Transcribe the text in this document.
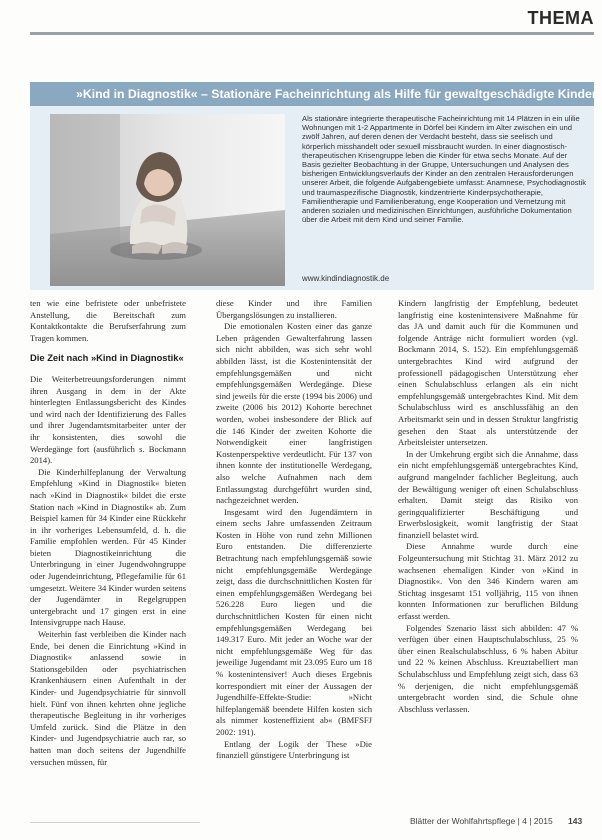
THEMA
»Kind in Diagnostik« – Stationäre Facheinrichtung als Hilfe für gewaltgeschädigte Kinder
Als stationäre integrierte therapeutische Facheinrichtung mit 14 Plätzen in ein ulilie Wohnungen mit 1-2 Appartmente in Dörfel bei Kindern im Alter zwischen ein und zwölf Jahren, auf deren denen der Verdacht besteht, dass sie seelisch und körperlich misshandelt oder sexuell missbraucht wurden. In einer diagnostisch-therapeutischen Krisengruppe leben die Kinder für etwa sechs Monate. Auf der Basis gezielter Beobachtung in der Gruppe, Untersuchungen und Analysen des bisherigen Entwicklungsverlaufs der Kinder an den zentralen Herausforderungen unserer Arbeit, die folgende Aufgabengebiete umfasst: Anamnese, Psychodiagnostik und traumaspezifische Diagnostik, kindzentrierte Kinderpsychotherapie, Familientherapie und Familienberatung, enge Kooperation und Vernetzung mit anderen sozialen und medizinischen Einrichtungen, ausführliche Dokumentation über die Arbeit mit dem Kind und seiner Familie.
www.kindindiagnostik.de

ten wie eine befristete oder unbefristete Anstellung, die Bereitschaft zum Kontaktkontakte die Berufserfahrung zum Tragen kommen.

Die Zeit nach »Kind in Diagnostik«

Die Weiterbetreuungsforderungen nimmt ihren Ausgang in dem in der Akte hinterlegten Entlassungsbericht des Kindes und wird nach der Identifizierung des Falles und ihrer Jugendamtsmitarbeiter unter der ihr konsistenten, dies sowohl die Werdegänge fort (ausführlich s. Bockmann 2014).

Die Kinderhilfeplanung der Verwaltung Empfehlung »Kind in Diagnostik« bieten nach »Kind in Diagnostik« bildet die erste Station nach »Kind in Diagnostik« ab. Zum Beispiel kamen für 34 Kinder eine Rückkehr in ihr vorheriges Lebensumfeld, d. h. die Familie empfohlen werden. Für 45 Kinder bieten Diagnostikeinrichtung die Unterbringung in einer Jugendwohngruppe oder Jugendeinrichtung, Pflegefamilie für 61 umgesetzt. Weitere 34 Kinder wurden seitens der Jugendämter in Regelgruppen untergebracht und 17 gingen erst in eine Intensivgruppe nach Hause.

Weiterhin fast verbleiben die Kinder nach Ende, bei denen die Einrichtung »Kind in Diagnostik« anlassend sowie in Stationsgebilden oder psychiatrischen Krankenhäusern einen Aufenthalt in der Kinder- und Jugendpsychiatrie für sinnvoll hielt. Fünf von ihnen kehrten ohne jegliche therapeutische Begleitung in ihr vorheriges Umfeld zurück. Sind die Plätze in den Kinder- und Jugendpsychiatrie auch rar, so hatten man doch seitens der Jugendhilfe versuchen müssen, für

diese Kinder und ihre Familien Übergangslösungen zu installieren.

Die emotionalen Kosten einer das ganze Leben prägenden Gewalterfahrung lassen sich nicht abbilden, was sich sehr wohl abbilden lässt, ist die Kostenintensität der empfehlungsgemäßen und nicht empfehlungsgemäßen Werdegänge. Diese sind jeweils für die erste (1994 bis 2006) und zweite (2006 bis 2012) Kohorte berechnet worden, wobei insbesondere der Blick auf die 146 Kinder der zweiten Kohorte die Notwendigkeit einer langfristigen Kostenperspektive verdeutlicht. Für 137 von ihnen konnte der institutionelle Werdegang, also welche Aufnahmen nach dem Entlassungstag durchgeführt wurden sind, nachgezeichnet werden.

Insgesamt wird den Jugendämtern in einem sechs Jahre umfassenden Zeitraum Kosten in Höhe von rund zehn Millionen Euro entstanden. Die differenzierte Betrachtung nach empfehlungsgemäß sowie nicht empfehlungsgemäße Werdegänge zeigt, dass die durchschnittlichen Kosten für einen empfehlungsgemäßen Werdegang bei 526.228 Euro liegen und die durchschnittlichen Kosten für einen nicht empfehlungsgemäßen Werdegang bei 149.317 Euro. Mit jeder an Woche war der nicht empfehlungsgemäße Weg für das jeweilige Jugendamt mit 23.095 Euro um 18 % kostenintensiver! Auch dieses Ergebnis korrespondiert mit einer der Aussagen der Jugendhilfe-Effekte-Studie: »Nicht hilfeplangemäß beendete Hilfen kosten sich als nimmer kosteneffizient ab« (BMFSFJ 2002: 191).

Entlang der Logik der These »Die finanziell günstigere Unterbringung ist

Kindern langfristig der Empfehlung, bedeutet langfristig eine kostenintensivere Maßnahme für das JA und damit auch für die Kommunen und folgende Anträge nicht formuliert worden (vgl. Bockmann 2014, S. 152). Ein empfehlungsgemäß untergebrachtes Kind wird aufgrund der professionell pädagogischen Unterstützung eher einen Schulabschluss erlangen als ein nicht empfehlungsgemäß untergebrachtes Kind. Mit dem Schulabschluss wird es anschlussfähig an den Arbeitsmarkt sein und in dessen Struktur langfristig gesehen den Staat als unterstützende der Arbeitsleister untersetzen.

In der Umkehrung ergibt sich die Annahme, dass ein nicht empfehlungsgemäß untergebrachtes Kind, aufgrund mangelnder fachlicher Begleitung, auch der Bewältigung weniger oft einen Schulabschluss erhalten. Damit steigt das Risiko von geringqualifizierter Beschäftigung und Erwerbslosigkeit, womit langfristig der Staat finanziell belastet wird.

Diese Annahme wurde durch eine Folgeuntersuchung mit Stichtag 31. März 2012 zu wachsenen ehemaligen Kinder von »Kind in Diagnostik«. Von den 346 Kindern waren am Stichtag insgesamt 151 volljährig, 115 von ihnen konnten Informationen zur beruflichen Bildung erfasst werden.

Folgendes Szenario lässt sich abbilden: 47 % verfügen über einen Hauptschulabschluss, 25 % über einen Realschulabschluss, 6 % haben Abitur und 22 % keinen Abschluss. Kreuztabelliert man Schulabschluss und Empfehlung zeigt sich, dass 63 % derjenigen, die nicht empfehlungsgemäß untergebracht worden sind, die Schule ohne Abschluss verlassen.

Blätter der Wohlfahrtspflege | 4 | 2015 143
